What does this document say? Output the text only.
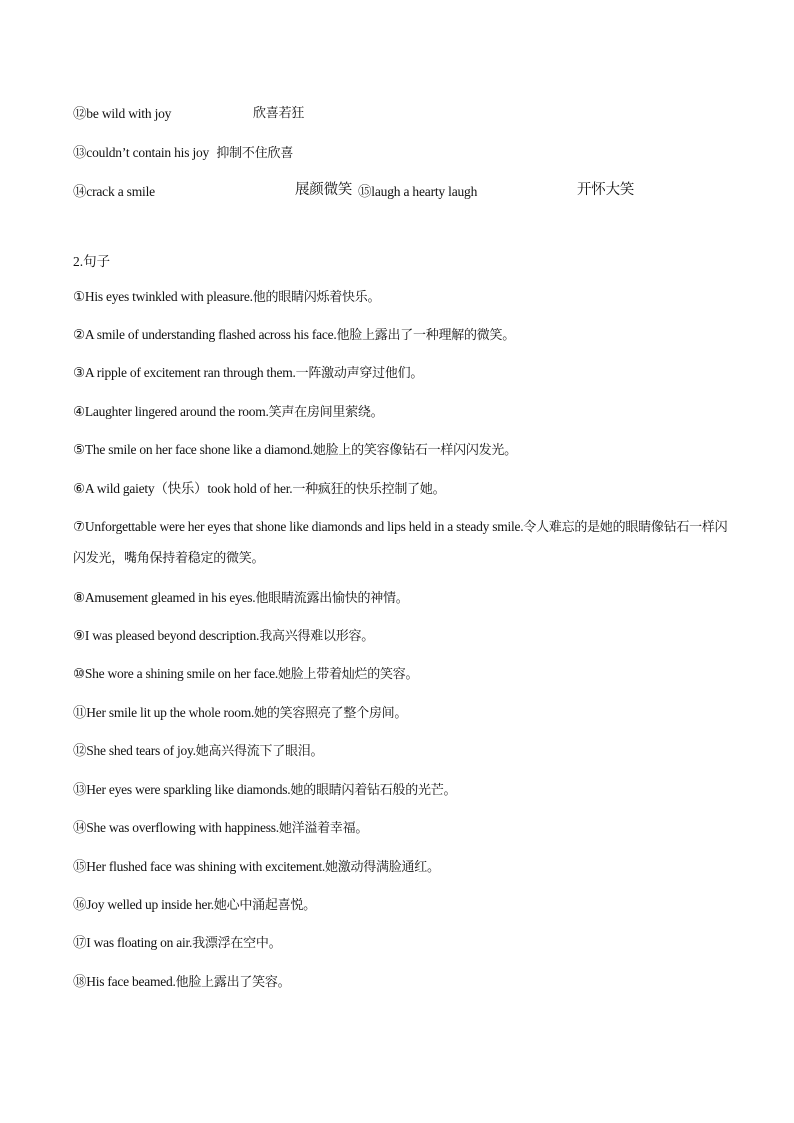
⑫be wild with joy	欣喜若狂
⑬couldn’t contain his joy 抑制不住欣喜
⑭crack a smile	展颜微笑 ⑮laugh a hearty laugh	开怀大笑
2.句子
①His eyes twinkled with pleasure.他的眼睛闪烁着快乐。
②A smile of understanding flashed across his face.他脸上露出了一种理解的微笑。
③A ripple of excitement ran through them.一阵激动声穿过他们。
④Laughter lingered around the room.笑声在房间里萦绕。
⑤The smile on her face shone like a diamond.她脸上的笑容像钻石一样闪闪发光。
⑥A wild gaiety（快乐）took hold of her.一种疯狂的快乐控制了她。
⑦Unforgettable were her eyes that shone like diamonds and lips held in a steady smile.令人难忘的是她的眼睛像钻石一样闪闪发光，嘴角保持着稳定的微笑。
⑧Amusement gleamed in his eyes.他眼睛流露出愉快的神情。
⑨I was pleased beyond description.我高兴得难以形容。
⑩She wore a shining smile on her face.她脸上带着灿烂的笑容。
⑪Her smile lit up the whole room.她的笑容照亮了整个房间。
⑫She shed tears of joy.她高兴得流下了眼泪。
⑬Her eyes were sparkling like diamonds.她的眼睛闪着钻石般的光芒。
⑭She was overflowing with happiness.她洋溢着幸福。
⑮Her flushed face was shining with excitement.她激动得满脸通红。
⑯Joy welled up inside her.她心中涌起喜悦。
⑰I was floating on air.我漂浮在空中。
⑱His face beamed.他脸上露出了笑容。
